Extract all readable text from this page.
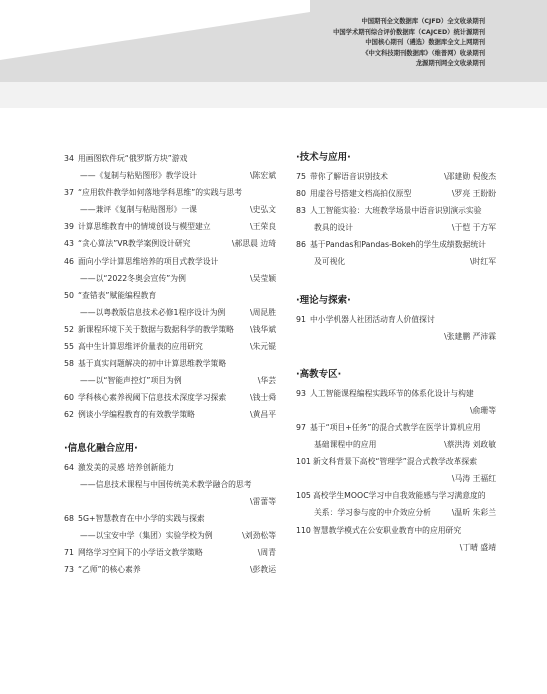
中国期刊全文数据库（CJFD）全文收录期刊
中国学术期刊综合评价数据库（CAJCED）统计源期刊
中国核心期刊（遴选）数据库全文上网期刊
《中文科技期刊数据库》（维普网）收录期刊
龙源期刊网全文收录期刊
34 用画图软件玩“俄罗斯方块”游戏
——《复制与粘贴图形》教学设计	\陈宏斌
37 “应用软件教学如何落地学科思维”的实践与思考
——兼评《复制与粘贴图形》一课	\史弘文
39 计算思维教育中的情境创设与模型建立	\王荣良
43 “贪心算法”VR教学案例设计研究	\郝思晨 边琦
46 面向小学计算思维培养的项目式教学设计
——以“2022冬奥会宣传”为例	\吴莹颖
50 “查错表”赋能编程教育
——以粤教版信息技术必修1程序设计为例	\周昆胜
52 新课程环境下关于数据与数据科学的教学策略 \钱华斌
55 高中生计算思维评价量表的应用研究	\朱元锟
58 基于真实问题解决的初中计算思维教学策略
——以“智能声控灯”项目为例	\华芸
60 学科核心素养视阈下信息技术深度学习探索	\钱士舜
62 例谈小学编程教育的有效教学策略	\黄昌平
·信息化融合应用·
64 激发美的灵感 培养创新能力
——信息技术课程与中国传统美术教学融合的思考
\雷蕾等
68 5G+智慧教育在中小学的实践与探索
——以宝安中学（集团）实验学校为例	\刘劲松等
71 网络学习空间下的小学语文教学策略	\周青
73 “乙师”的核心素养	\彭教运
·技术与应用·
75 带你了解语音识别技术	\邵建勋 倪俊杰
80 用虚谷号搭建文档高拍仪原型	\罗亮 王盼盼
83 人工智能实验：大班教学场景中语音识别演示实验
教具的设计	\于恺 于方军
86 基于Pandas和Pandas-Bokeh的学生成绩数据统计
及可视化	\时红军
·理论与探索·
91 中小学机器人社团活动育人价值探讨
\张建鹏 严沛霖
·高教专区·
93 人工智能课程编程实践环节的体系化设计与构建
\俞珊等
97 基于“项目+任务”的混合式教学在医学计算机应用
基础课程中的应用	\蔡洪涛 刘政敏
101 新文科背景下高校“管理学”混合式教学改革探索
\马涛 王福红
105 高校学生MOOC学习中自我效能感与学习满意度的
关系：学习参与度的中介效应分析	\温昕 朱彩兰
110 智慧教学模式在公安职业教育中的应用研究
\丁晴 盛靖
